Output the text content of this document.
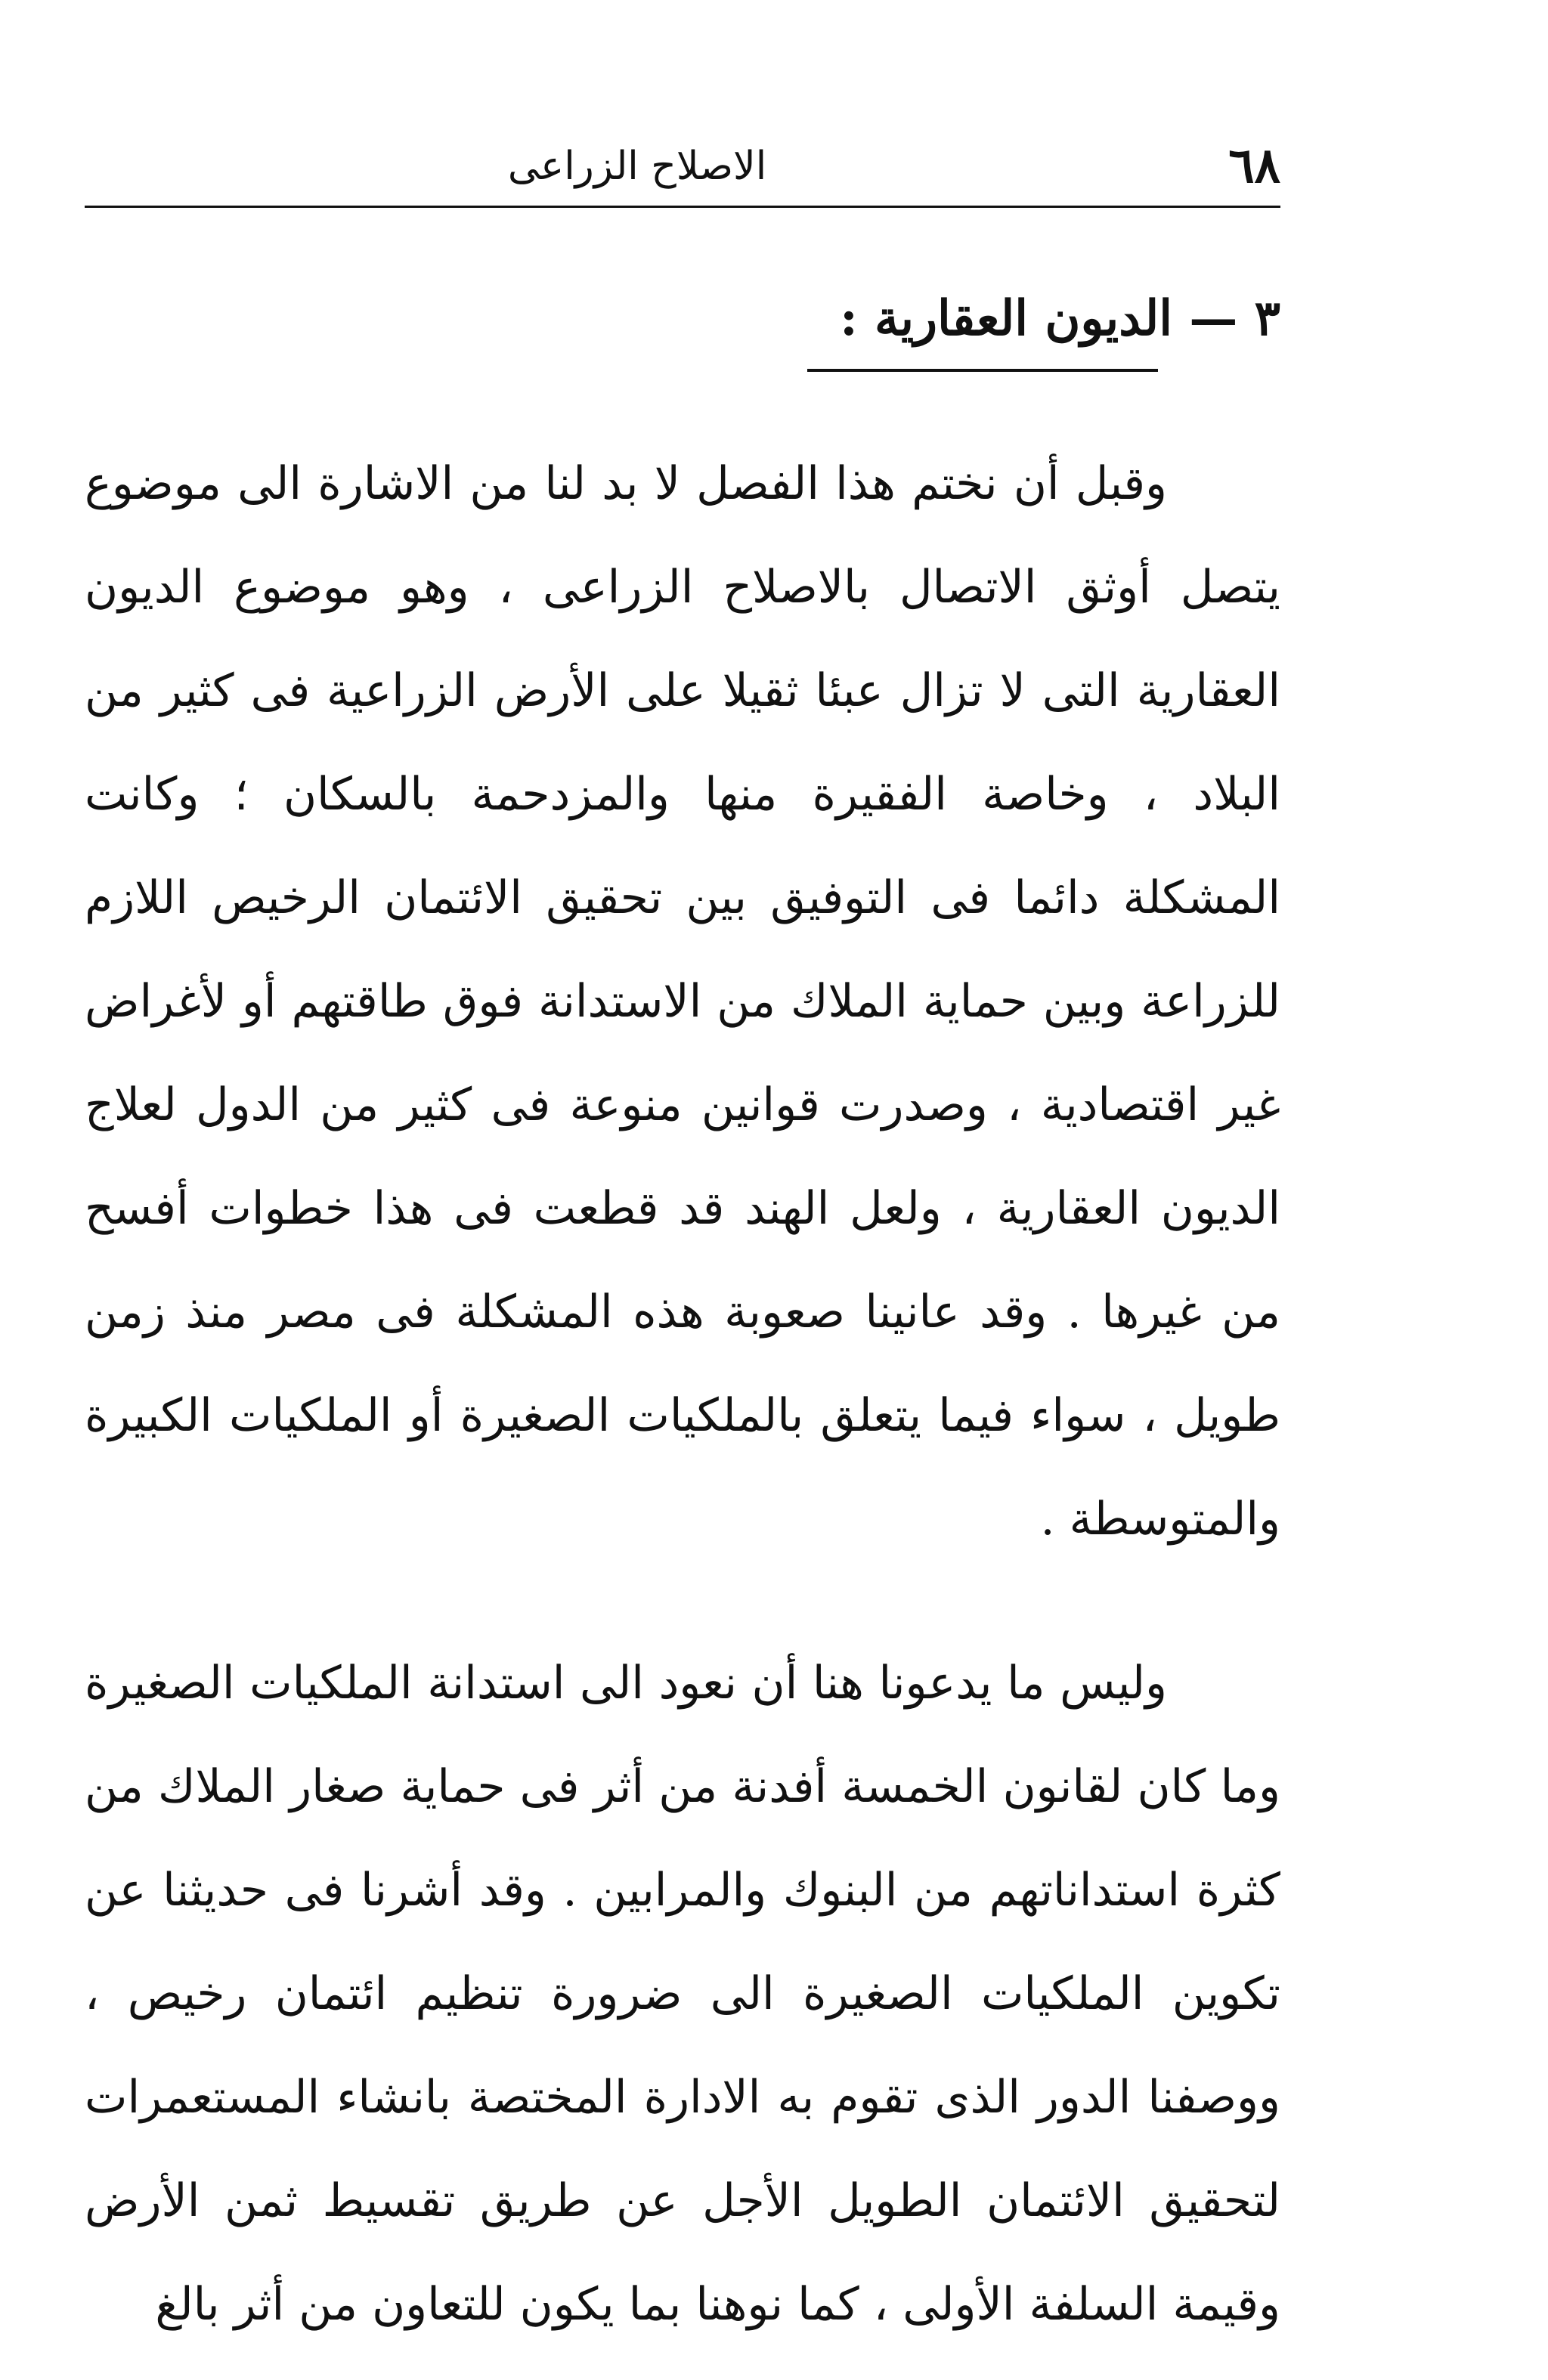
٦٨
الاصلاح الزراعى
٣ — الديون العقارية :

وقبل أن نختم هذا الفصل لا بد لنا من الاشارة الى موضوع يتصل أوثق الاتصال بالاصلاح الزراعى ، وهو موضوع الديون العقارية التى لا تزال عبئا ثقيلا على الأرض الزراعية فى كثير من البلاد ، وخاصة الفقيرة منها والمزدحمة بالسكان ؛ وكانت المشكلة دائما فى التوفيق بين تحقيق الائتمان الرخيص اللازم للزراعة وبين حماية الملاك من الاستدانة فوق طاقتهم أو لأغراض غير اقتصادية ، وصدرت قوانين منوعة فى كثير من الدول لعلاج الديون العقارية ، ولعل الهند قد قطعت فى هذا خطوات أفسح من غيرها . وقد عانينا صعوبة هذه المشكلة فى مصر منذ زمن طويل ، سواء فيما يتعلق بالملكيات الصغيرة أو الملكيات الكبيرة والمتوسطة .

وليس ما يدعونا هنا أن نعود الى استدانة الملكيات الصغيرة وما كان لقانون الخمسة أفدنة من أثر فى حماية صغار الملاك من كثرة استداناتهم من البنوك والمرابين . وقد أشرنا فى حديثنا عن تكوين الملكيات الصغيرة الى ضرورة تنظيم ائتمان رخيص ، ووصفنا الدور الذى تقوم به الادارة المختصة بانشاء المستعمرات لتحقيق الائتمان الطويل الأجل عن طريق تقسيط ثمن الأرض وقيمة السلفة الأولى ، كما نوهنا بما يكون للتعاون من أثر بالغ
